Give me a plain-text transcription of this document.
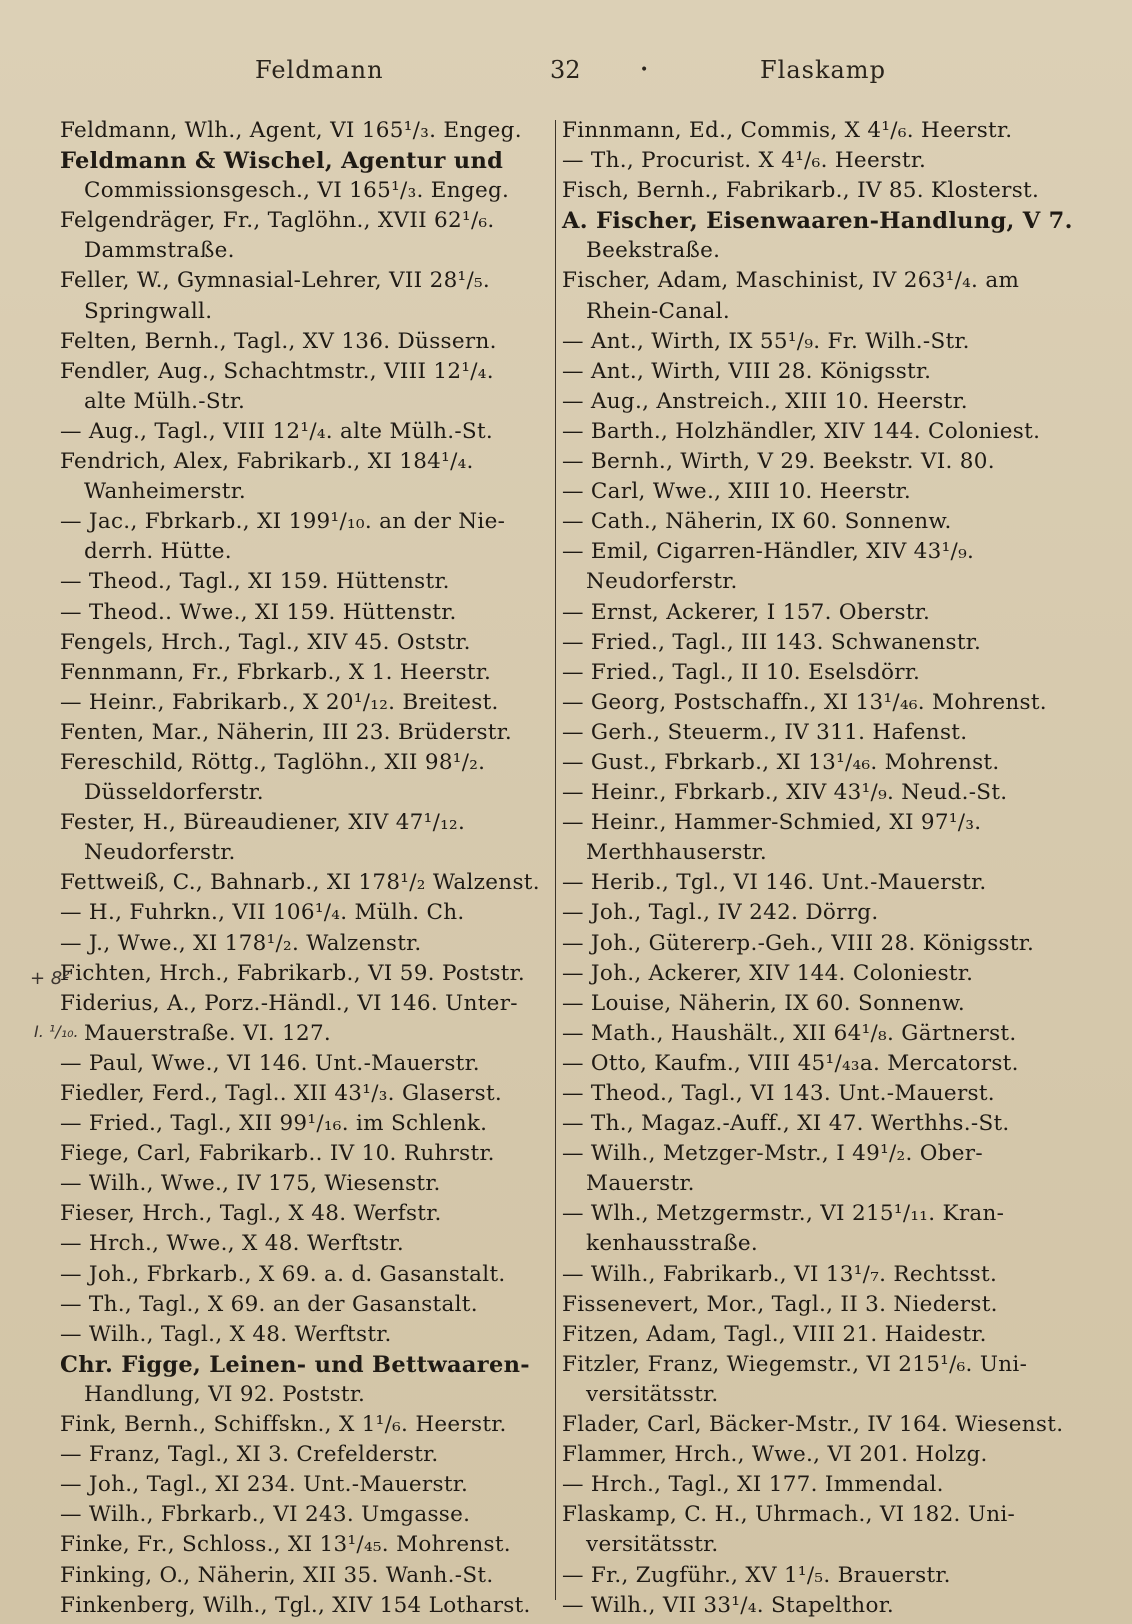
Feldmann	32	•	Flaskamp
Feldmann, Wlh., Agent, VI 165¹/₃. Engeg.
Feldmann & Wischel, Agentur und
Commissionsgesch., VI 165¹/₃. Engeg.
Felgendräger, Fr., Taglöhn., XVII 62¹/₆.
Dammstraße.
Feller, W., Gymnasial-Lehrer, VII 28¹/₅.
Springwall.
Felten, Bernh., Tagl., XV 136. Düssern.
Fendler, Aug., Schachtmstr., VIII 12¹/₄.
alte Mülh.-Str.
— Aug., Tagl., VIII 12¹/₄. alte Mülh.-St.
Fendrich, Alex, Fabrikarb., XI 184¹/₄.
Wanheimerstr.
— Jac., Fbrkarb., XI 199¹/₁₀. an der Nie-
derrh. Hütte.
— Theod., Tagl., XI 159. Hüttenstr.
— Theod.. Wwe., XI 159. Hüttenstr.
Fengels, Hrch., Tagl., XIV 45. Oststr.
Fennmann, Fr., Fbrkarb., X 1. Heerstr.
— Heinr., Fabrikarb., X 20¹/₁₂. Breitest.
Fenten, Mar., Näherin, III 23. Brüderstr.
Fereschild, Röttg., Taglöhn., XII 98¹/₂.
Düsseldorferstr.
Fester, H., Büreaudiener, XIV 47¹/₁₂.
Neudorferstr.
Fettweiß, C., Bahnarb., XI 178¹/₂ Walzenst.
— H., Fuhrkn., VII 106¹/₄. Mülh. Ch.
— J., Wwe., XI 178¹/₂. Walzenstr.
Fichten, Hrch., Fabrikarb., VI 59. Poststr.
Fiderius, A., Porz.-Händl., VI 146. Unter-
Mauerstraße. VI. 127.
— Paul, Wwe., VI 146. Unt.-Mauerstr.
Fiedler, Ferd., Tagl.. XII 43¹/₃. Glaserst.
— Fried., Tagl., XII 99¹/₁₆. im Schlenk.
Fiege, Carl, Fabrikarb.. IV 10. Ruhrstr.
— Wilh., Wwe., IV 175, Wiesenstr.
Fieser, Hrch., Tagl., X 48. Werfstr.
— Hrch., Wwe., X 48. Werftstr.
— Joh., Fbrkarb., X 69. a. d. Gasanstalt.
— Th., Tagl., X 69. an der Gasanstalt.
— Wilh., Tagl., X 48. Werftstr.
Chr. Figge, Leinen- und Bettwaaren-
Handlung, VI 92. Poststr.
Fink, Bernh., Schiffskn., X 1¹/₆. Heerstr.
— Franz, Tagl., XI 3. Crefelderstr.
— Joh., Tagl., XI 234. Unt.-Mauerstr.
— Wilh., Fbrkarb., VI 243. Umgasse.
Finke, Fr., Schloss., XI 13¹/₄₅. Mohrenst.
Finking, O., Näherin, XII 35. Wanh.-St.
Finkenberg, Wilh., Tgl., XIV 154 Lotharst.
Finnmann, Ed., Commis, X 4¹/₆. Heerstr.
— Th., Procurist. X 4¹/₆. Heerstr.
Fisch, Bernh., Fabrikarb., IV 85. Klosterst.
A. Fischer, Eisenwaaren-Handlung, V 7.
Beekstraße.
Fischer, Adam, Maschinist, IV 263¹/₄. am
Rhein-Canal.
— Ant., Wirth, IX 55¹/₉. Fr. Wilh.-Str.
— Ant., Wirth, VIII 28. Königsstr.
— Aug., Anstreich., XIII 10. Heerstr.
— Barth., Holzhändler, XIV 144. Coloniest.
— Bernh., Wirth, V 29. Beekstr. VI. 80.
— Carl, Wwe., XIII 10. Heerstr.
— Cath., Näherin, IX 60. Sonnenw.
— Emil, Cigarren-Händler, XIV 43¹/₉.
Neudorferstr.
— Ernst, Ackerer, I 157. Oberstr.
— Fried., Tagl., III 143. Schwanenstr.
— Fried., Tagl., II 10. Eselsdörr.
— Georg, Postschaffn., XI 13¹/₄₆. Mohrenst.
— Gerh., Steuerm., IV 311. Hafenst.
— Gust., Fbrkarb., XI 13¹/₄₆. Mohrenst.
— Heinr., Fbrkarb., XIV 43¹/₉. Neud.-St.
— Heinr., Hammer-Schmied, XI 97¹/₃.
Merthhauserstr.
— Herib., Tgl., VI 146. Unt.-Mauerstr.
— Joh., Tagl., IV 242. Dörrg.
— Joh., Gütererp.-Geh., VIII 28. Königsstr.
— Joh., Ackerer, XIV 144. Coloniestr.
— Louise, Näherin, IX 60. Sonnenw.
— Math., Haushält., XII 64¹/₈. Gärtnerst.
— Otto, Kaufm., VIII 45¹/₄₃a. Mercatorst.
— Theod., Tagl., VI 143. Unt.-Mauerst.
— Th., Magaz.-Auff., XI 47. Werthhs.-St.
— Wilh., Metzger-Mstr., I 49¹/₂. Ober-
Mauerstr.
— Wlh., Metzgermstr., VI 215¹/₁₁. Kran-
kenhausstraße.
— Wilh., Fabrikarb., VI 13¹/₇. Rechtsst.
Fissenevert, Mor., Tagl., II 3. Niederst.
Fitzen, Adam, Tagl., VIII 21. Haidestr.
Fitzler, Franz, Wiegemstr., VI 215¹/₆. Uni-
versitätsstr.
Flader, Carl, Bäcker-Mstr., IV 164. Wiesenst.
Flammer, Hrch., Wwe., VI 201. Holzg.
— Hrch., Tagl., XI 177. Immendal.
Flaskamp, C. H., Uhrmach., VI 182. Uni-
versitätsstr.
— Fr., Zugführ., XV 1¹/₅. Brauerstr.
— Wilh., VII 33¹/₄. Stapelthor.
+ 8²
I. ¹/₁₀.
